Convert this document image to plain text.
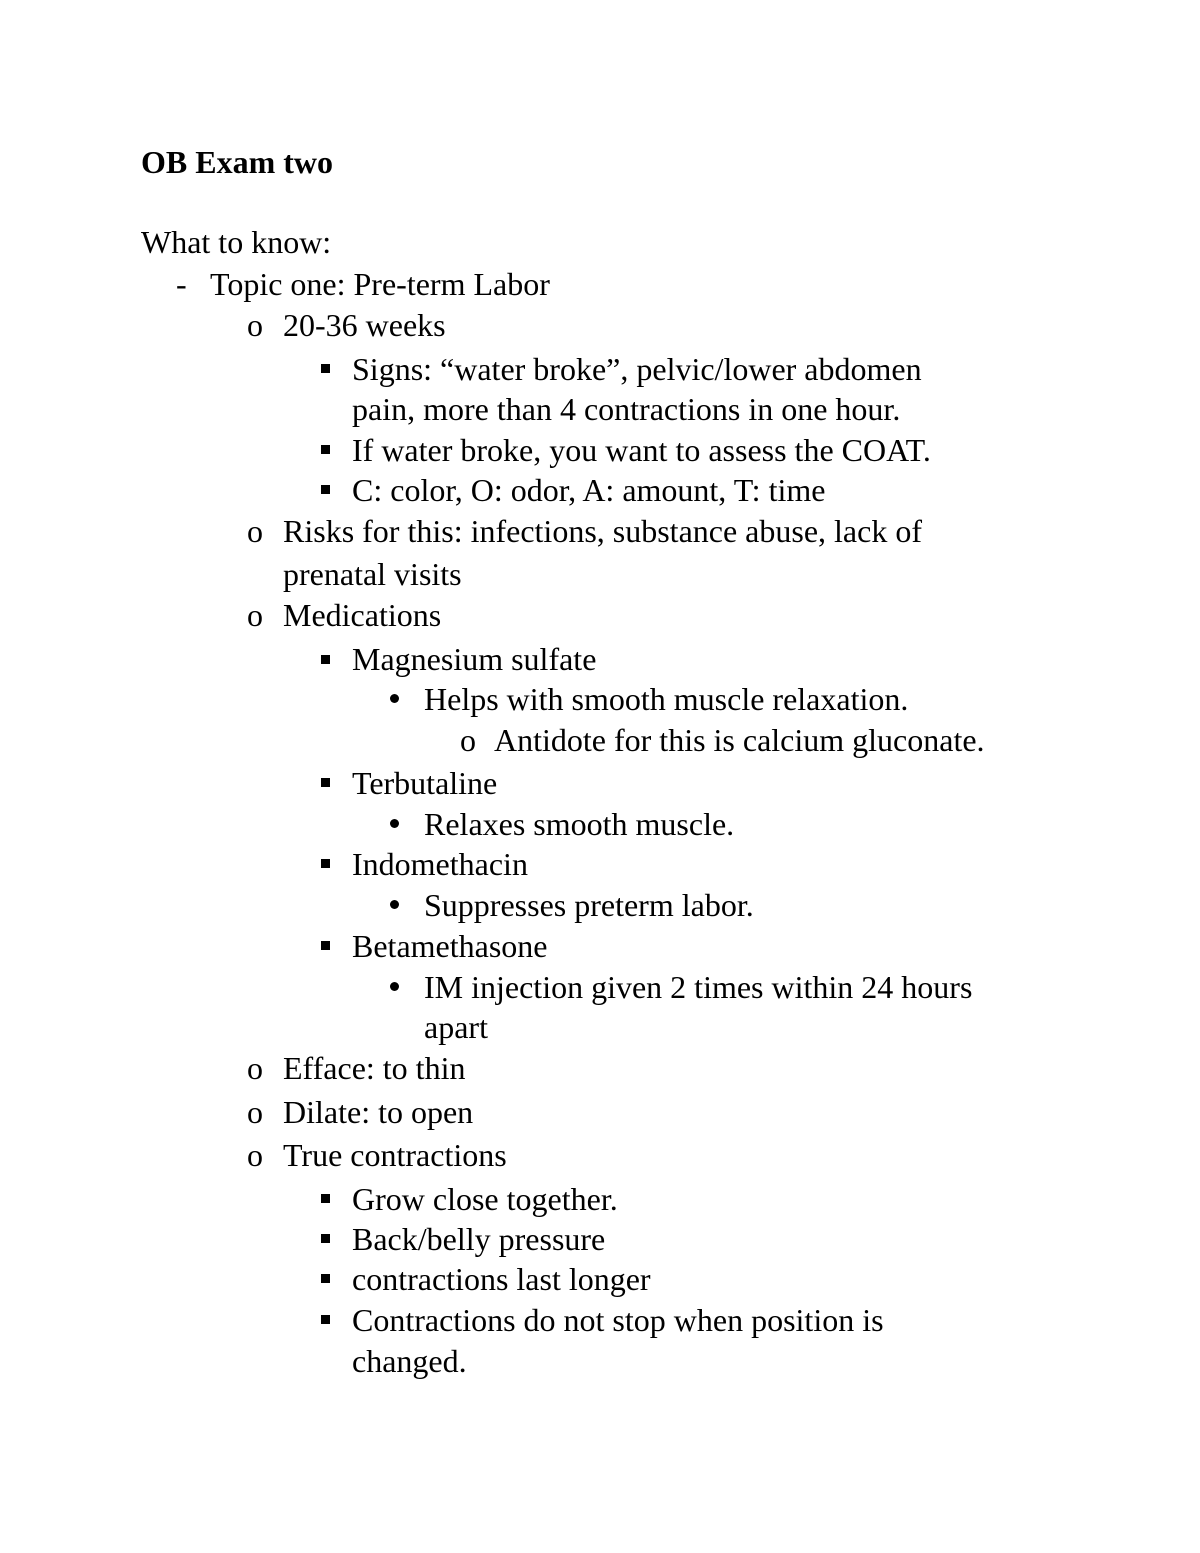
OB Exam two
What to know:
- Topic one: Pre-term Labor
o 20-36 weeks
Signs: “water broke”, pelvic/lower abdomen
pain, more than 4 contractions in one hour.
If water broke, you want to assess the COAT.
C: color, O: odor, A: amount, T: time
o Risks for this: infections, substance abuse, lack of
prenatal visits
o Medications
Magnesium sulfate
Helps with smooth muscle relaxation.
o Antidote for this is calcium gluconate.
Terbutaline
Relaxes smooth muscle.
Indomethacin
Suppresses preterm labor.
Betamethasone
IM injection given 2 times within 24 hours
apart
o Efface: to thin
o Dilate: to open
o True contractions
Grow close together.
Back/belly pressure
contractions last longer
Contractions do not stop when position is
changed.
